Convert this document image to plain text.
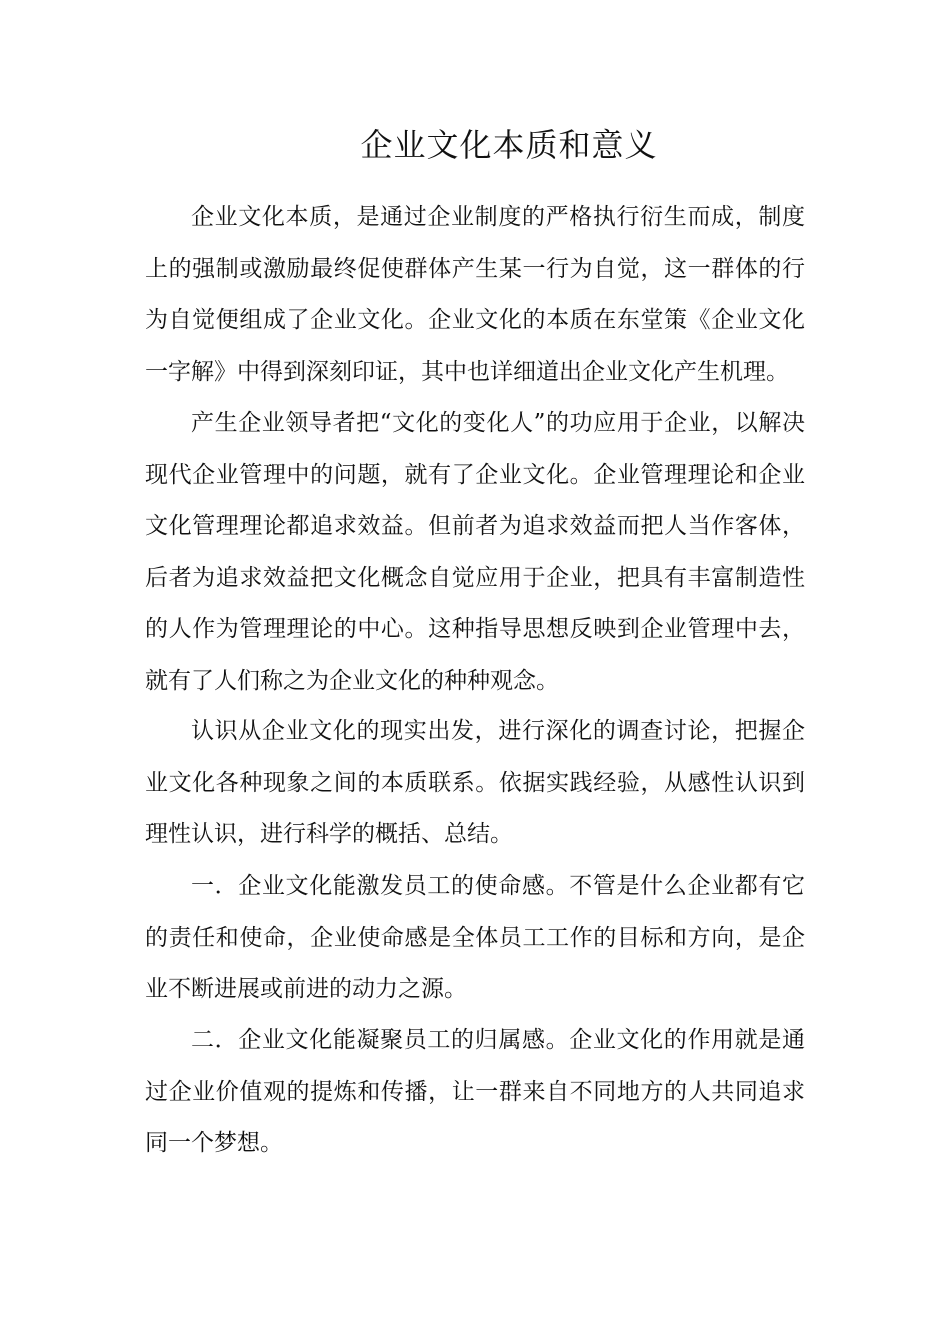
企业文化本质和意义

企业文化本质，是通过企业制度的严格执行衍生而成，制度上的强制或激励最终促使群体产生某一行为自觉，这一群体的行为自觉便组成了企业文化。企业文化的本质在东堂策《企业文化一字解》中得到深刻印证，其中也详细道出企业文化产生机理。

产生企业领导者把“文化的变化人”的功应用于企业，以解决现代企业管理中的问题，就有了企业文化。企业管理理论和企业文化管理理论都追求效益。但前者为追求效益而把人当作客体，后者为追求效益把文化概念自觉应用于企业，把具有丰富制造性的人作为管理理论的中心。这种指导思想反映到企业管理中去，就有了人们称之为企业文化的种种观念。

认识从企业文化的现实出发，进行深化的调查讨论，把握企业文化各种现象之间的本质联系。依据实践经验，从感性认识到理性认识，进行科学的概括、总结。

一．企业文化能激发员工的使命感。不管是什么企业都有它的责任和使命，企业使命感是全体员工工作的目标和方向，是企业不断进展或前进的动力之源。

二．企业文化能凝聚员工的归属感。企业文化的作用就是通过企业价值观的提炼和传播，让一群来自不同地方的人共同追求同一个梦想。
